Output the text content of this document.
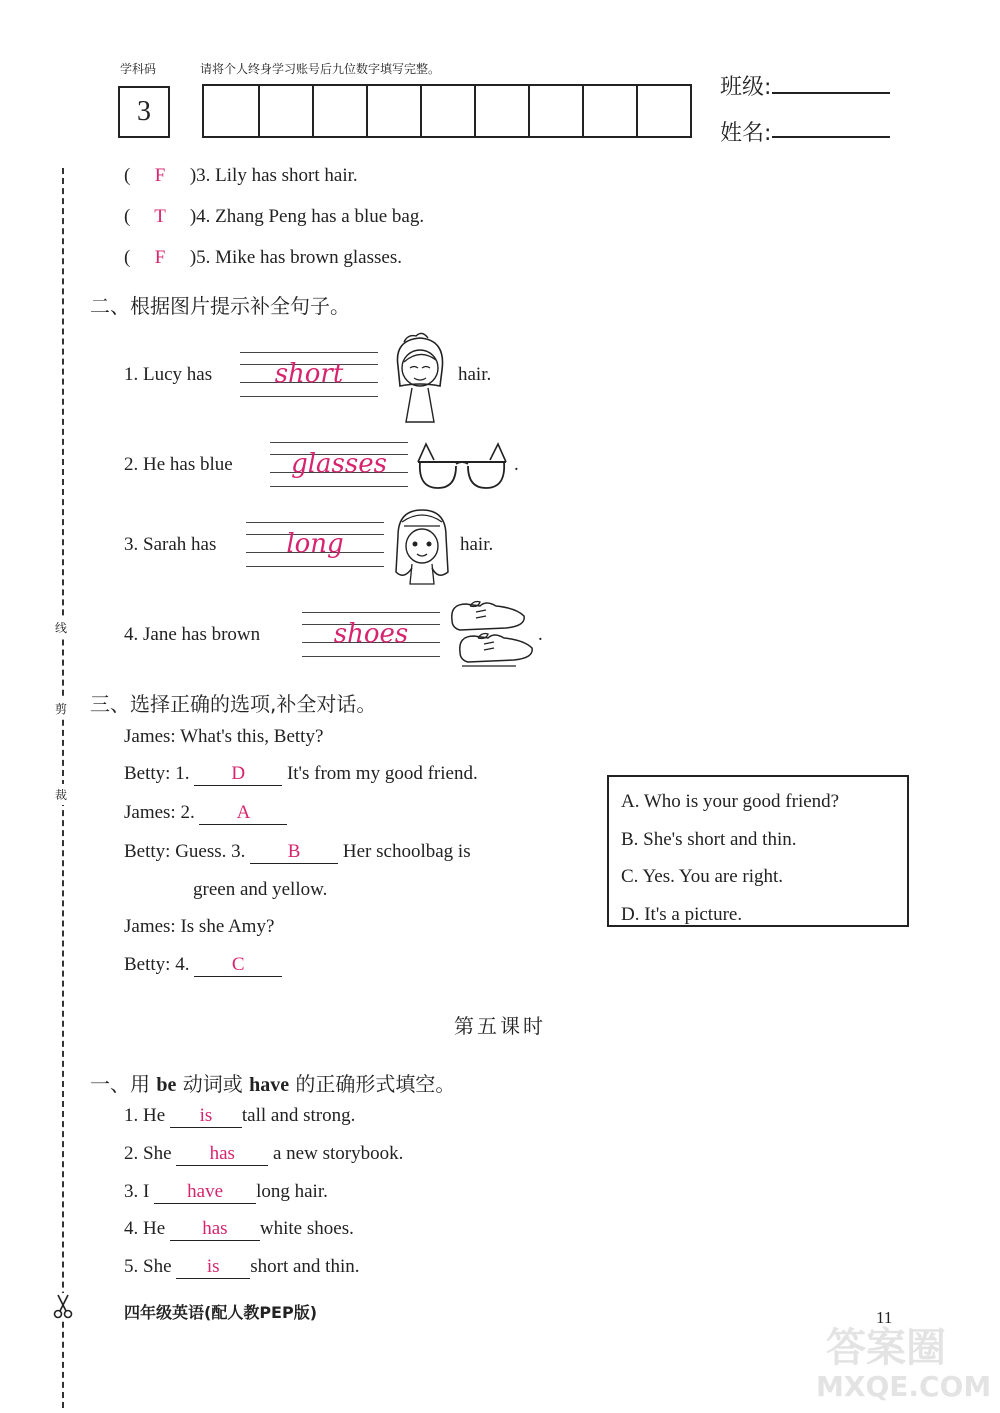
学科码	请将个人终身学习账号后九位数字填写完整。
3
班级:
姓名:
线
剪
裁
( F )3. Lily has short hair.
( T )4. Zhang Peng has a blue bag.
( F )5. Mike has brown glasses.
二、根据图片提示补全句子。
1. Lucy has	short	hair.
2. He has blue	glasses	.
3. Sarah has	long	hair.
4. Jane has brown	shoes	.
三、选择正确的选项,补全对话。
James: What's this, Betty?
Betty: 1. D It's from my good friend.
James: 2. A
Betty: Guess. 3. B Her schoolbag is
green and yellow.
James: Is she Amy?
Betty: 4. C
A. Who is your good friend?
B. She's short and thin.
C. Yes. You are right.
D. It's a picture.
第五课时
一、用 be 动词或 have 的正确形式填空。
1. He is tall and strong.
2. She has a new storybook.
3. I have long hair.
4. He has white shoes.
5. She is short and thin.
四年级英语(配人教PEP版)	11
答案圈
MXQE.COM
